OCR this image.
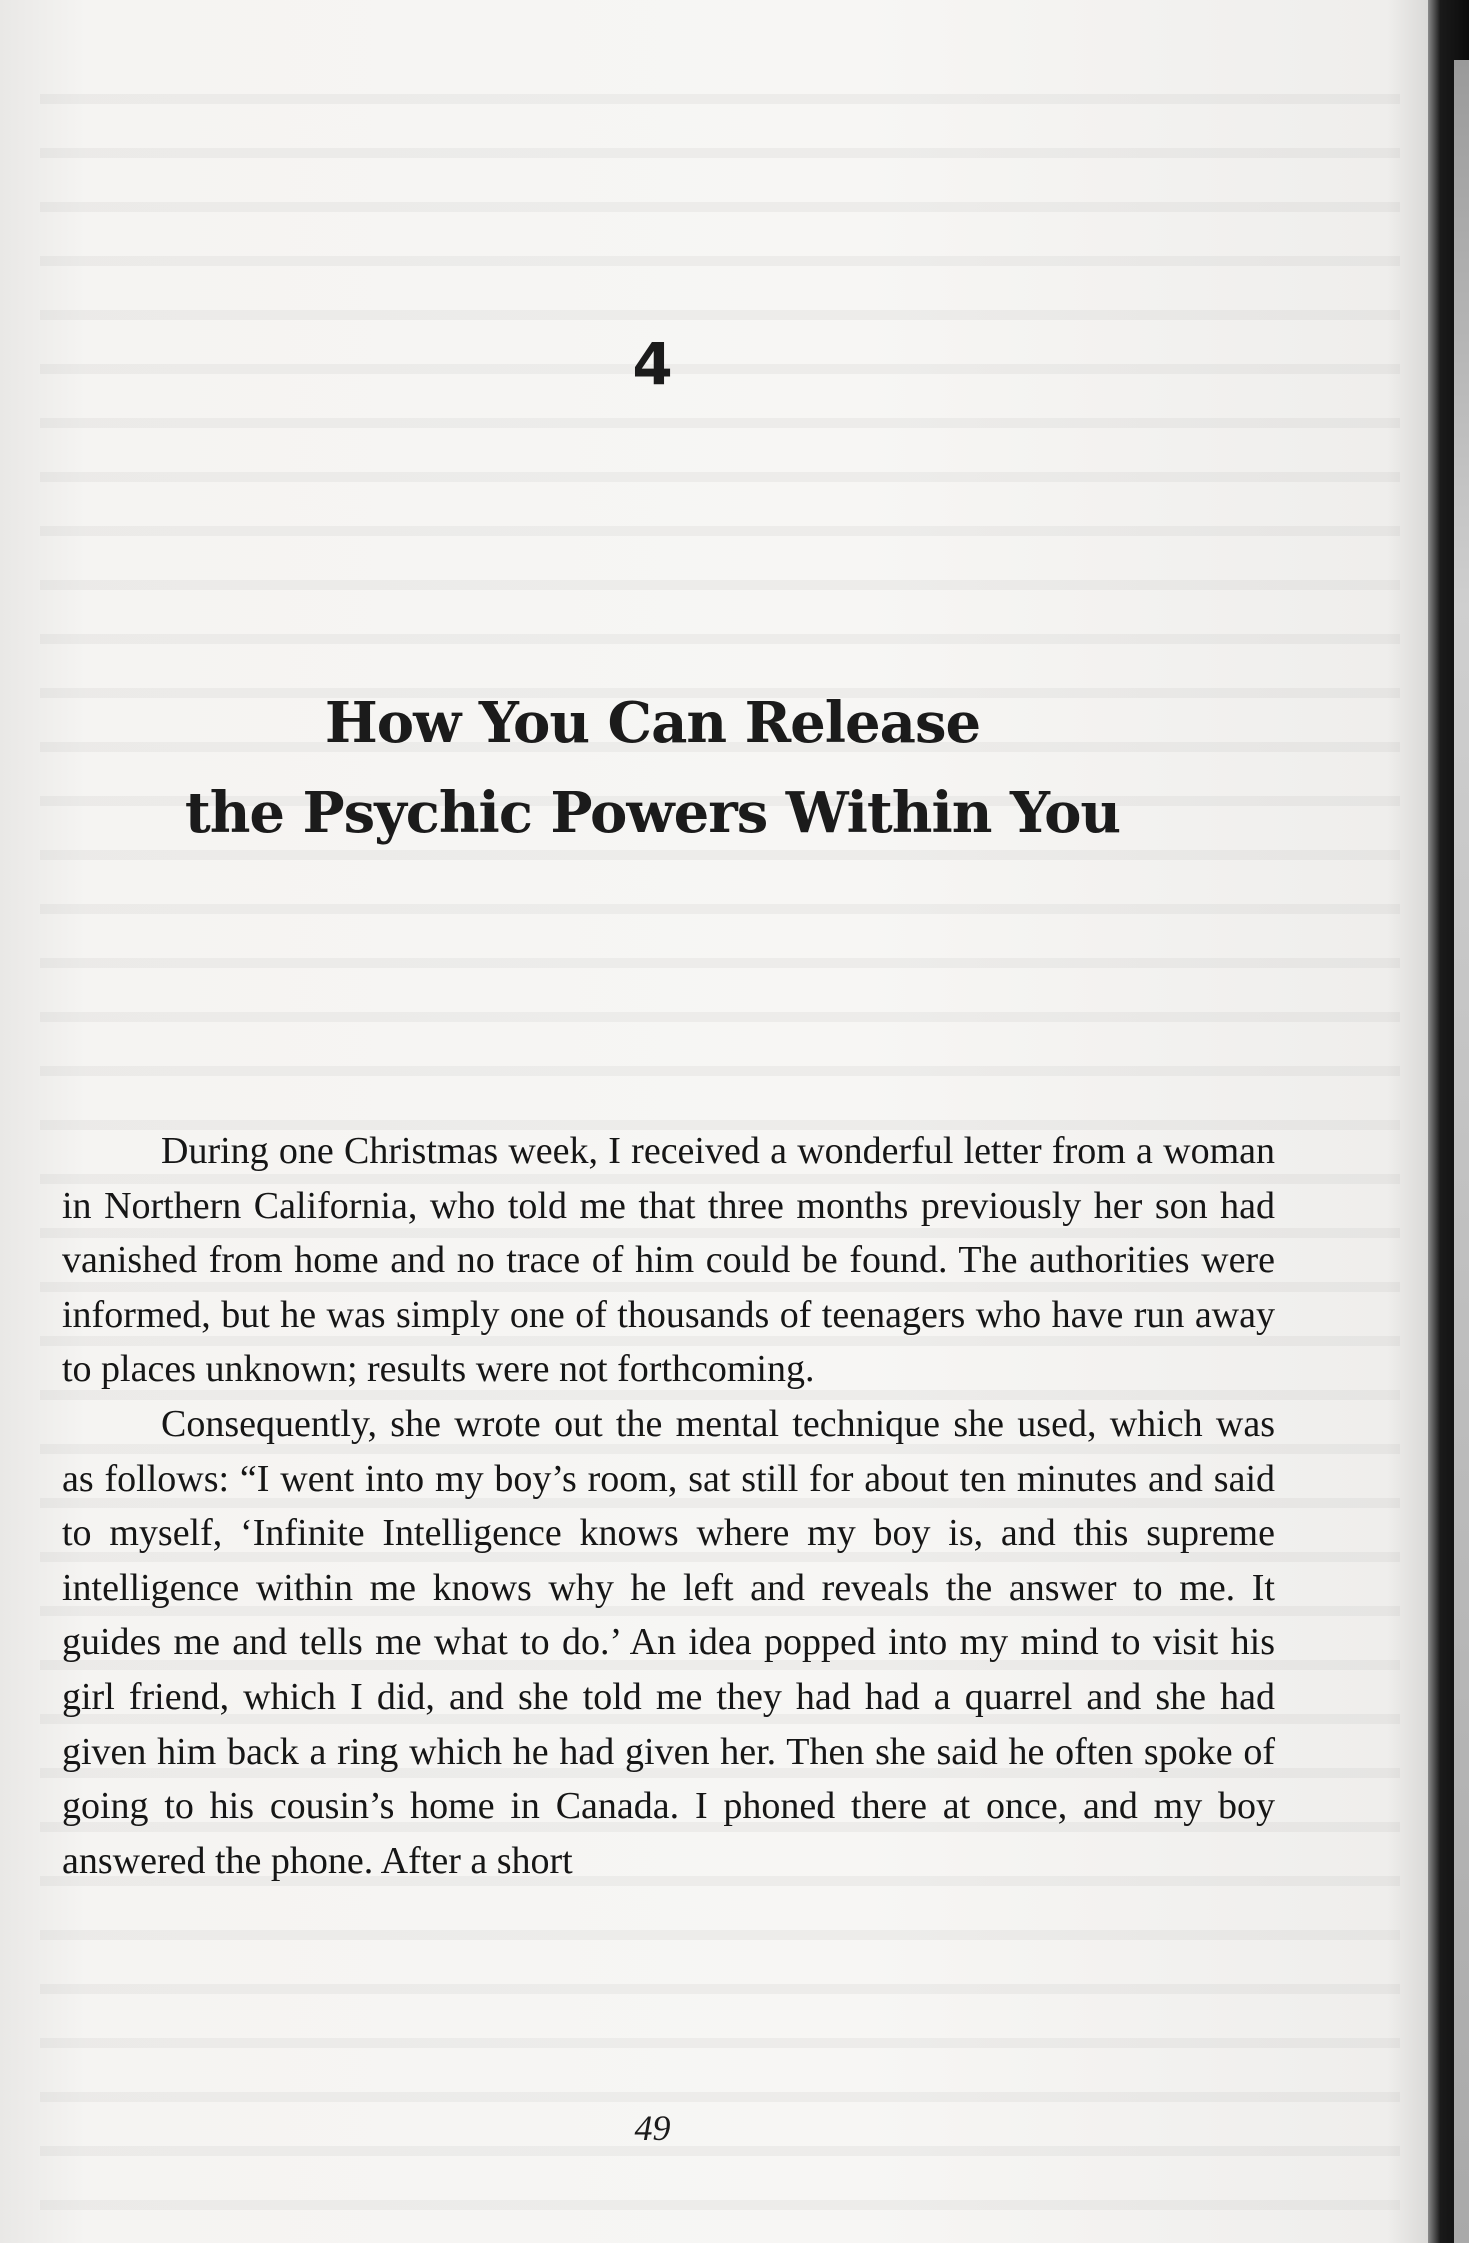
4
How You Can Release
the Psychic Powers Within You

During one Christmas week, I received a wonderful letter from a woman in Northern California, who told me that three months previously her son had vanished from home and no trace of him could be found. The authorities were informed, but he was simply one of thousands of teenagers who have run away to places unknown; results were not forthcoming.

Consequently, she wrote out the mental technique she used, which was as follows: “I went into my boy’s room, sat still for about ten minutes and said to myself, ‘Infinite Intelligence knows where my boy is, and this supreme intelligence within me knows why he left and reveals the answer to me. It guides me and tells me what to do.’ An idea popped into my mind to visit his girl friend, which I did, and she told me they had had a quarrel and she had given him back a ring which he had given her. Then she said he often spoke of going to his cousin’s home in Canada. I phoned there at once, and my boy answered the phone. After a short

49
